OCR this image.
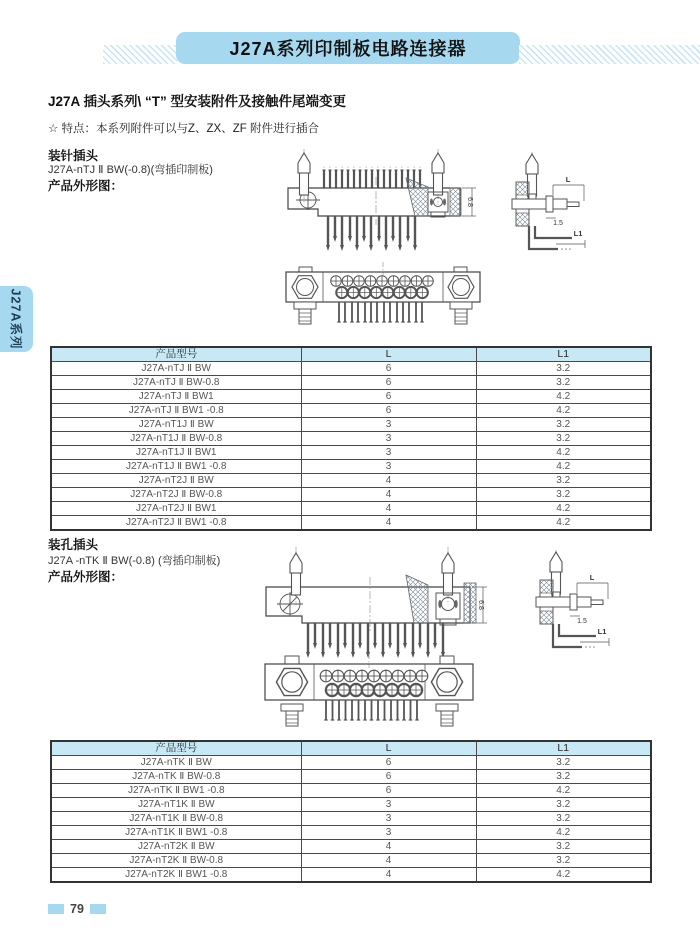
J27A系列印制板电路连接器
J27A系列
J27A 插头系列\ “T” 型安装附件及接触件尾端变更
☆ 特点：本系列附件可以与Z、ZX、ZF 附件进行插合
装针插头
J27A-nTJ Ⅱ BW(-0.8)(弯插印制板)
产品外形图：
6.8
L
1.5
L1
产品型号	L	L1
J27A-nTJ Ⅱ BW	6	3.2
J27A-nTJ Ⅱ BW-0.8	6	3.2
J27A-nTJ Ⅱ BW1	6	4.2
J27A-nTJ Ⅱ BW1 -0.8	6	4.2
J27A-nT1J Ⅱ BW	3	3.2
J27A-nT1J Ⅱ BW-0.8	3	3.2
J27A-nT1J Ⅱ BW1	3	4.2
J27A-nT1J Ⅱ BW1 -0.8	3	4.2
J27A-nT2J Ⅱ BW	4	3.2
J27A-nT2J Ⅱ BW-0.8	4	3.2
J27A-nT2J Ⅱ BW1	4	4.2
J27A-nT2J Ⅱ BW1 -0.8	4	4.2
装孔插头
J27A -nTK Ⅱ BW(-0.8) (弯插印制板)
产品外形图：
6.8
L
1.5
L1
产品型号	L	L1
J27A-nTK Ⅱ BW	6	3.2
J27A-nTK Ⅱ BW-0.8	6	3.2
J27A-nTK Ⅱ BW1 -0.8	6	4.2
J27A-nT1K Ⅱ BW	3	3.2
J27A-nT1K Ⅱ BW-0.8	3	3.2
J27A-nT1K Ⅱ BW1 -0.8	3	4.2
J27A-nT2K Ⅱ BW	4	3.2
J27A-nT2K Ⅱ BW-0.8	4	3.2
J27A-nT2K Ⅱ BW1 -0.8	4	4.2
79
